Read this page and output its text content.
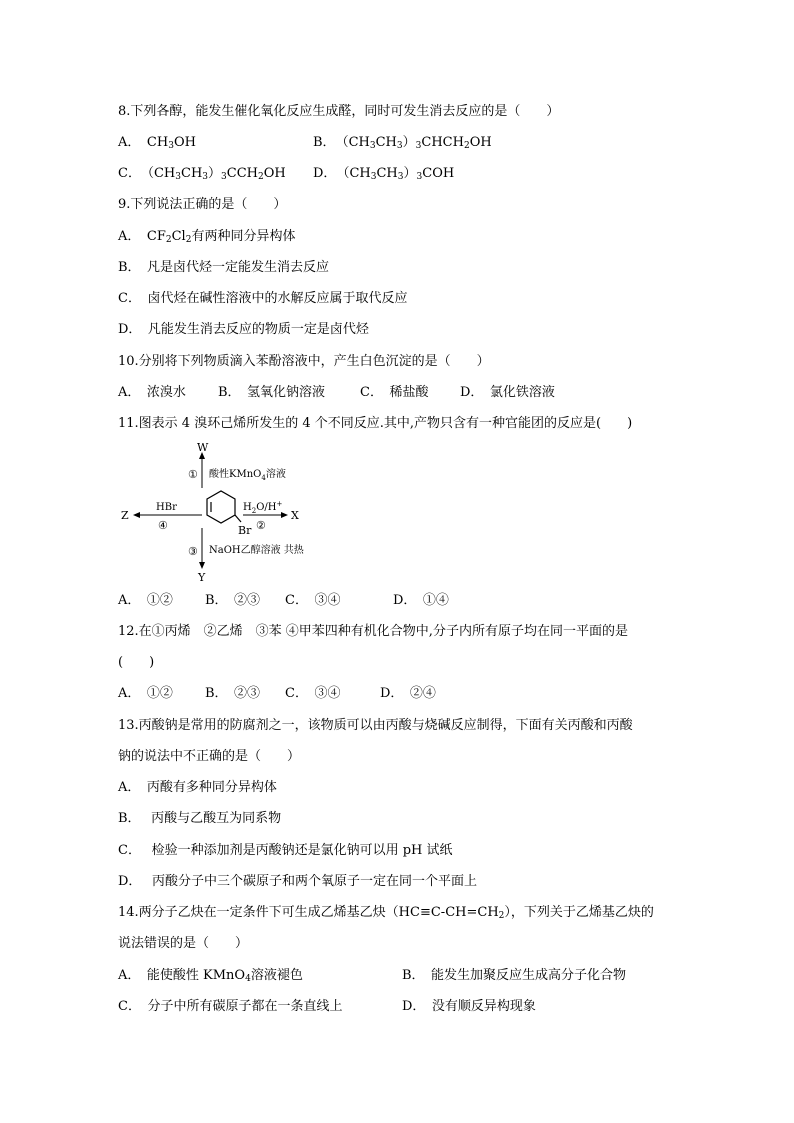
8.下列各醇，能发生催化氧化反应生成醛，同时可发生消去反应的是（　　）
A．　 $CH_3OH$	B．　 $(CH_3CH_3)_3CHCH_2OH$
C．　 $(CH_3CH_3)_3CCH_2OH$ D．　 $(CH_3CH_3)_3COH$
9.下列说法正确的是（　　）
A．　 $CF_2Cl_2$有两种同分异构体
B．　凡是卤代烃一定能发生消去反应
C．　卤代烃在碱性溶液中的水解反应属于取代反应
D．　凡能发生消去反应的物质一定是卤代烃
10.分别将下列物质滴入苯酚溶液中，产生白色沉淀的是（　　）
A．　浓溴水 B．　氢氧化钠溶液	C．　稀盐酸 D．　氯化铁溶液
11.图表示 4 溴环己烯所发生的 4 个不同反应.其中,产物只含有一种官能团的反应是(　　)
Br
W
① 酸性KMnO$_4$溶液
X
$H_2O/H^+$
②
Z
HBr
④
Y
③ NaOH乙醇溶液 共热
A．　①② B．　②③ C．　③④	D．　①④
12.在①丙烯　②乙烯　③苯 ④甲苯四种有机化合物中,分子内所有原子均在同一平面的是
(　　)
A．　①② B．　②③ C．　③④	D．　②④
13.丙酸钠是常用的防腐剂之一，该物质可以由丙酸与烧碱反应制得，下面有关丙酸和丙酸
钠的说法中不正确的是（　　）
A．　丙酸有多种同分异构体
B．　 丙酸与乙酸互为同系物
C．　 检验一种添加剂是丙酸钠还是氯化钠可以用 pH 试纸
D．　 丙酸分子中三个碳原子和两个氧原子一定在同一个平面上
14.两分子乙炔在一定条件下可生成乙烯基乙炔$(HC\equiv C-CH=CH_2)$，下列关于乙烯基乙炔的
说法错误的是（　　）
A．　能使酸性 KMnO$_4$溶液褪色	B．　能发生加聚反应生成高分子化合物
C．　分子中所有碳原子都在一条直线上	D．　没有顺反异构现象
